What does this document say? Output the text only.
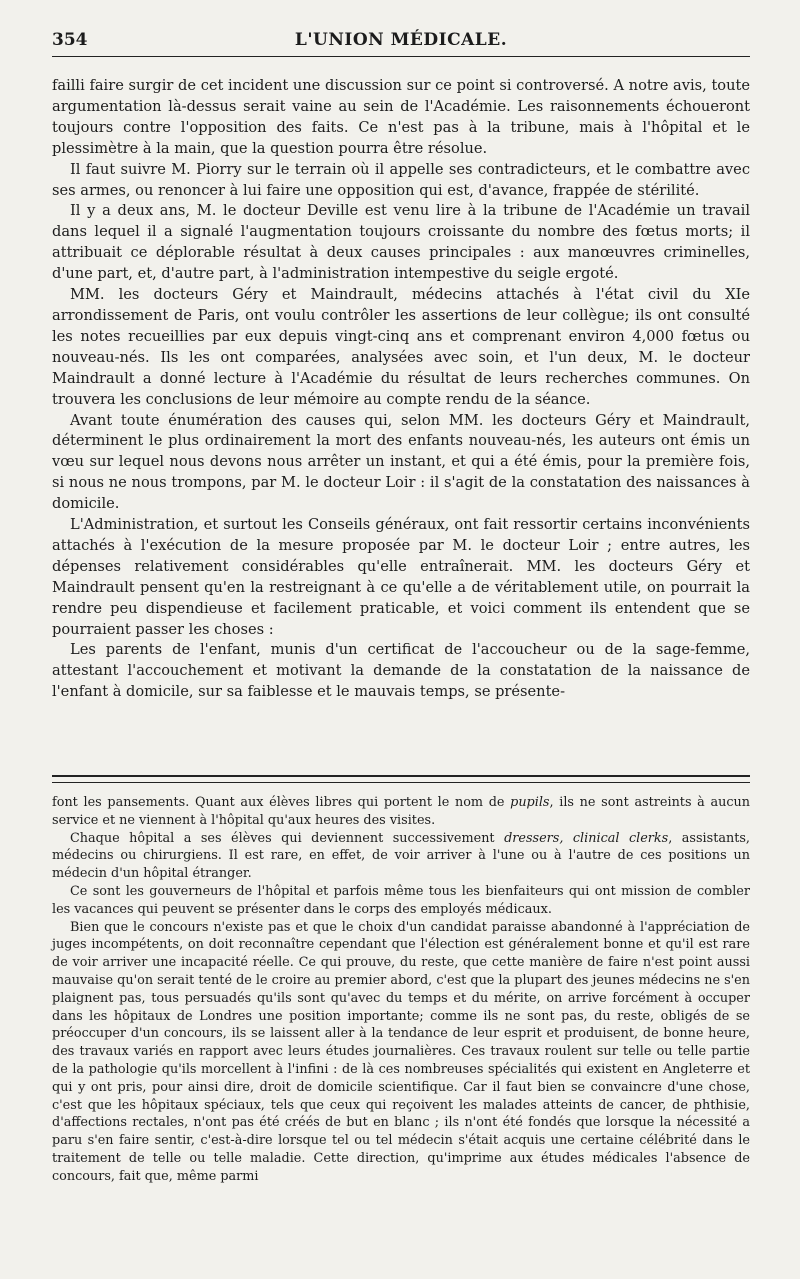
354	L'UNION MÉDICALE.

failli faire surgir de cet incident une discussion sur ce point si controversé. A notre avis, toute argumentation là-dessus serait vaine au sein de l'Académie. Les raisonnements échoueront toujours contre l'opposition des faits. Ce n'est pas à la tribune, mais à l'hôpital et le plessimètre à la main, que la question pourra être résolue.

Il faut suivre M. Piorry sur le terrain où il appelle ses contradicteurs, et le combattre avec ses armes, ou renoncer à lui faire une opposition qui est, d'avance, frappée de stérilité.

Il y a deux ans, M. le docteur Deville est venu lire à la tribune de l'Académie un travail dans lequel il a signalé l'augmentation toujours croissante du nombre des fœtus morts; il attribuait ce déplorable résultat à deux causes principales : aux manœuvres criminelles, d'une part, et, d'autre part, à l'administration intempestive du seigle ergoté.

MM. les docteurs Géry et Maindrault, médecins attachés à l'état civil du XIe arrondissement de Paris, ont voulu contrôler les assertions de leur collègue; ils ont consulté les notes recueillies par eux depuis vingt-cinq ans et comprenant environ 4,000 fœtus ou nouveau-nés. Ils les ont comparées, analysées avec soin, et l'un deux, M. le docteur Maindrault a donné lecture à l'Académie du résultat de leurs recherches communes. On trouvera les conclusions de leur mémoire au compte rendu de la séance.

Avant toute énumération des causes qui, selon MM. les docteurs Géry et Maindrault, déterminent le plus ordinairement la mort des enfants nouveau-nés, les auteurs ont émis un vœu sur lequel nous devons nous arrêter un instant, et qui a été émis, pour la première fois, si nous ne nous trompons, par M. le docteur Loir : il s'agit de la constatation des naissances à domicile.

L'Administration, et surtout les Conseils généraux, ont fait ressortir certains inconvénients attachés à l'exécution de la mesure proposée par M. le docteur Loir ; entre autres, les dépenses relativement considérables qu'elle entraînerait. MM. les docteurs Géry et Maindrault pensent qu'en la restreignant à ce qu'elle a de véritablement utile, on pourrait la rendre peu dispendieuse et facilement praticable, et voici comment ils entendent que se pourraient passer les choses :

Les parents de l'enfant, munis d'un certificat de l'accoucheur ou de la sage-femme, attestant l'accouchement et motivant la demande de la constatation de la naissance de l'enfant à domicile, sur sa faiblesse et le mauvais temps, se présente-

font les pansements. Quant aux élèves libres qui portent le nom de pupils, ils ne sont astreints à aucun service et ne viennent à l'hôpital qu'aux heures des visites.

Chaque hôpital a ses élèves qui deviennent successivement dressers, clinical clerks, assistants, médecins ou chirurgiens. Il est rare, en effet, de voir arriver à l'une ou à l'autre de ces positions un médecin d'un hôpital étranger.

Ce sont les gouverneurs de l'hôpital et parfois même tous les bienfaiteurs qui ont mission de combler les vacances qui peuvent se présenter dans le corps des employés médicaux.

Bien que le concours n'existe pas et que le choix d'un candidat paraisse abandonné à l'appréciation de juges incompétents, on doit reconnaître cependant que l'élection est généralement bonne et qu'il est rare de voir arriver une incapacité réelle. Ce qui prouve, du reste, que cette manière de faire n'est point aussi mauvaise qu'on serait tenté de le croire au premier abord, c'est que la plupart des jeunes médecins ne s'en plaignent pas, tous persuadés qu'ils sont qu'avec du temps et du mérite, on arrive forcément à occuper dans les hôpitaux de Londres une position importante; comme ils ne sont pas, du reste, obligés de se préoccuper d'un concours, ils se laissent aller à la tendance de leur esprit et produisent, de bonne heure, des travaux variés en rapport avec leurs études journalières. Ces travaux roulent sur telle ou telle partie de la pathologie qu'ils morcellent à l'infini : de là ces nombreuses spécialités qui existent en Angleterre et qui y ont pris, pour ainsi dire, droit de domicile scientifique. Car il faut bien se convaincre d'une chose, c'est que les hôpitaux spéciaux, tels que ceux qui reçoivent les malades atteints de cancer, de phthisie, d'affections rectales, n'ont pas été créés de but en blanc ; ils n'ont été fondés que lorsque la nécessité a paru s'en faire sentir, c'est-à-dire lorsque tel ou tel médecin s'était acquis une certaine célébrité dans le traitement de telle ou telle maladie. Cette direction, qu'imprime aux études médicales l'absence de concours, fait que, même parmi
